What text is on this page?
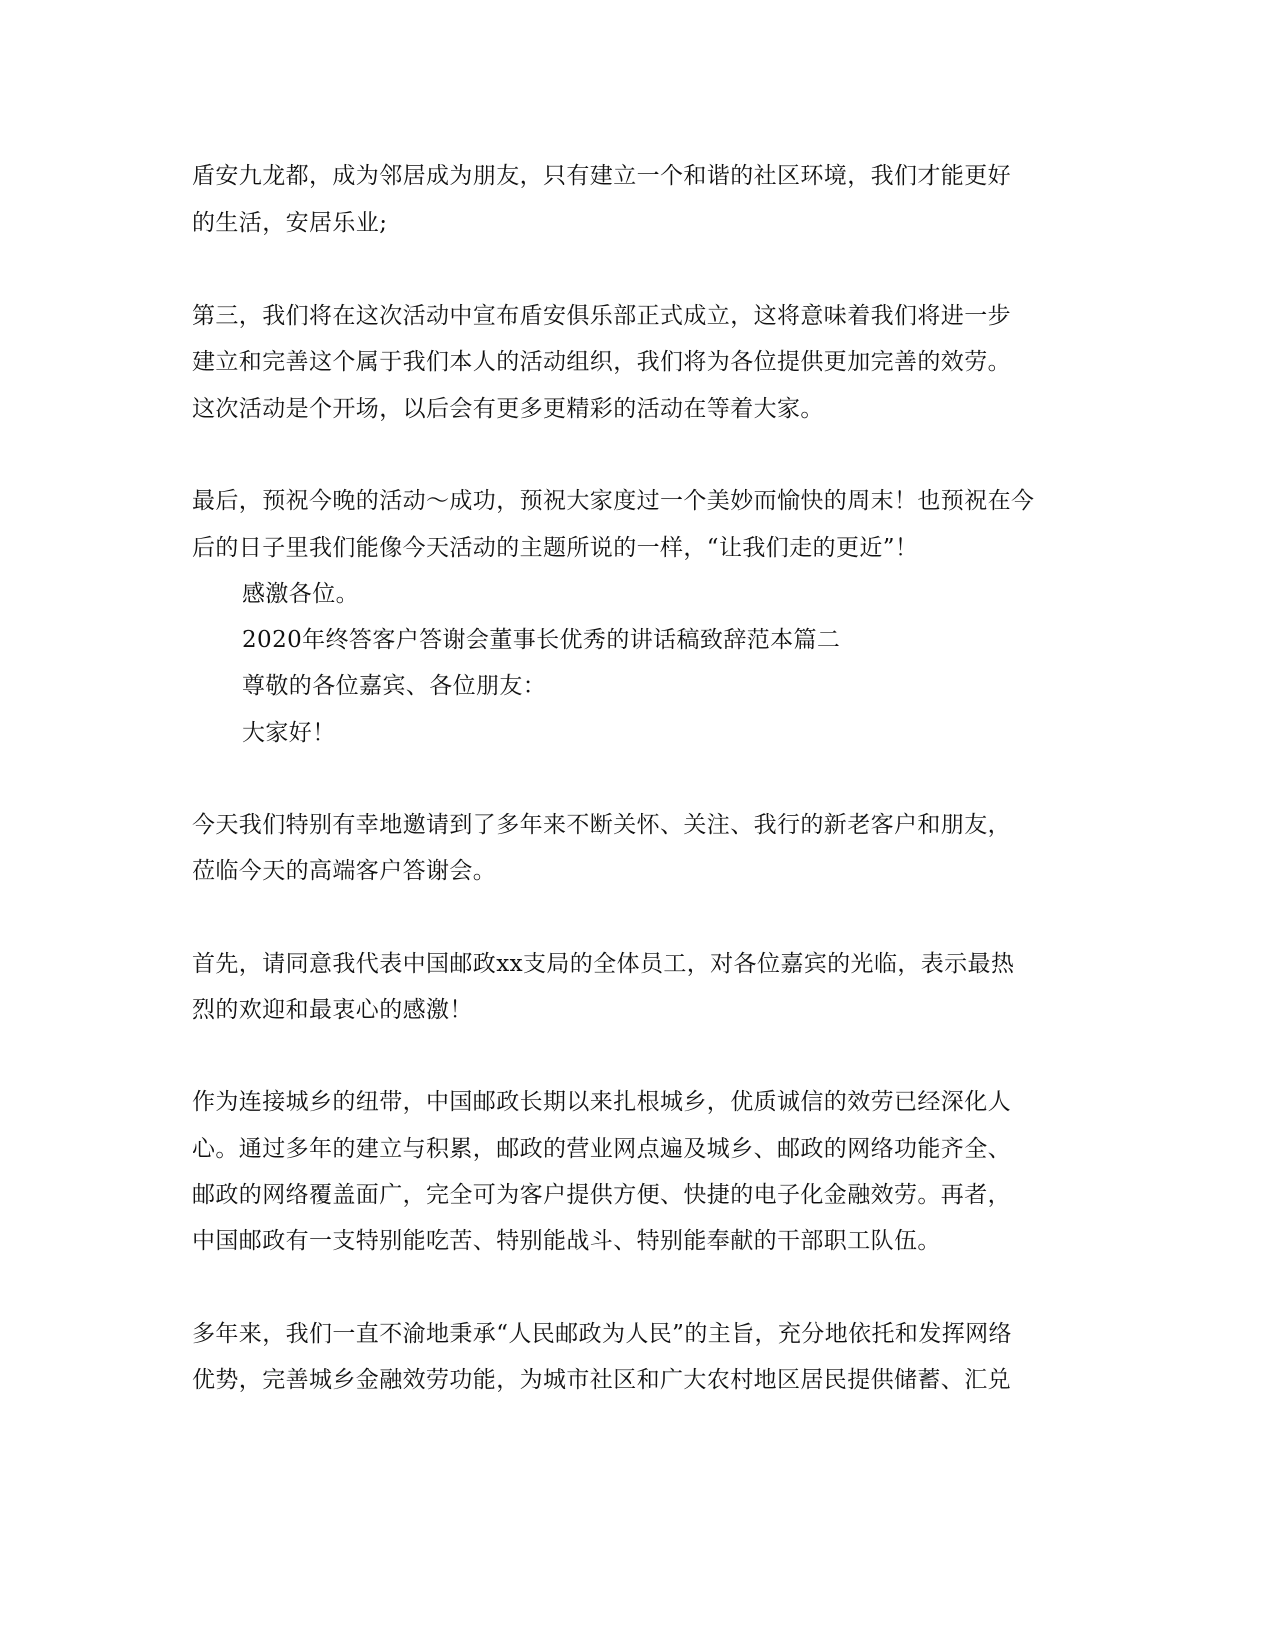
盾安九龙都，成为邻居成为朋友，只有建立一个和谐的社区环境，我们才能更好
的生活，安居乐业;
第三，我们将在这次活动中宣布盾安俱乐部正式成立，这将意味着我们将进一步
建立和完善这个属于我们本人的活动组织，我们将为各位提供更加完善的效劳。
这次活动是个开场，以后会有更多更精彩的活动在等着大家。
最后，预祝今晚的活动～成功，预祝大家度过一个美妙而愉快的周末！也预祝在今
后的日子里我们能像今天活动的主题所说的一样，“让我们走的更近”！
感激各位。
2020年终答客户答谢会董事长优秀的讲话稿致辞范本篇二
尊敬的各位嘉宾、各位朋友：
大家好！
今天我们特别有幸地邀请到了多年来不断关怀、关注、我行的新老客户和朋友，
莅临今天的高端客户答谢会。
首先，请同意我代表中国邮政xx支局的全体员工，对各位嘉宾的光临，表示最热
烈的欢迎和最衷心的感激！
作为连接城乡的纽带，中国邮政长期以来扎根城乡，优质诚信的效劳已经深化人
心。通过多年的建立与积累，邮政的营业网点遍及城乡、邮政的网络功能齐全、
邮政的网络覆盖面广，完全可为客户提供方便、快捷的电子化金融效劳。再者，
中国邮政有一支特别能吃苦、特别能战斗、特别能奉献的干部职工队伍。
多年来，我们一直不渝地秉承“人民邮政为人民”的主旨，充分地依托和发挥网络
优势，完善城乡金融效劳功能，为城市社区和广大农村地区居民提供储蓄、汇兑
